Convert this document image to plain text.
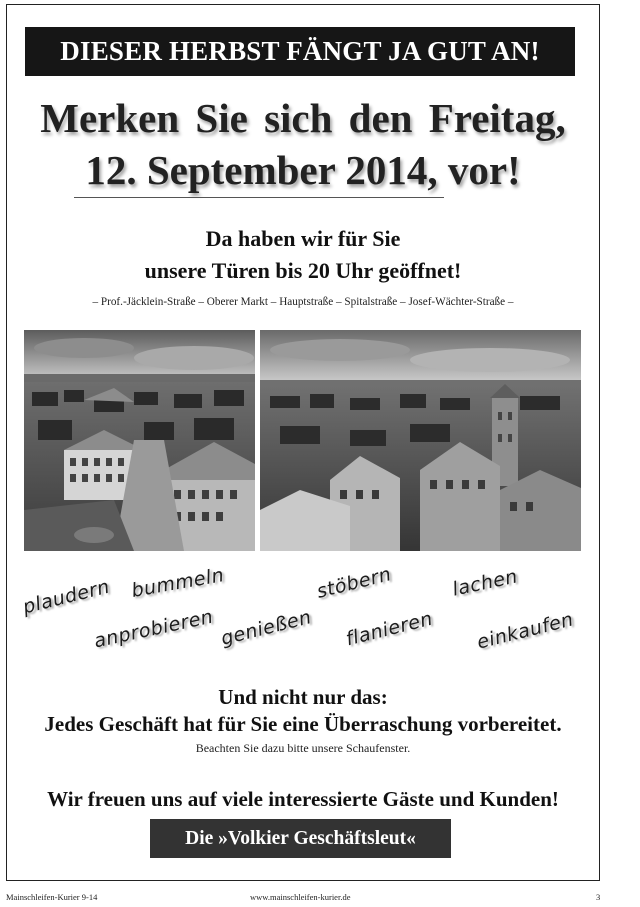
DIESER HERBST FÄNGT JA GUT AN!
Merken Sie sich den Freitag,
12. September 2014, vor!
Da haben wir für Sie
unsere Türen bis 20 Uhr geöffnet!
– Prof.-Jäcklein-Straße – Oberer Markt – Hauptstraße – Spitalstraße – Josef-Wächter-Straße –
plaudern bummeln
anprobieren genießen
stöbern
flanieren
lachen
einkaufen
Und nicht nur das:
Jedes Geschäft hat für Sie eine Überraschung vorbereitet.
Beachten Sie dazu bitte unsere Schaufenster.
Wir freuen uns auf viele interessierte Gäste und Kunden!
Die »Volkier Geschäftsleut«
Mainschleifen-Kurier 9-14	www.mainschleifen-kurier.de	3
